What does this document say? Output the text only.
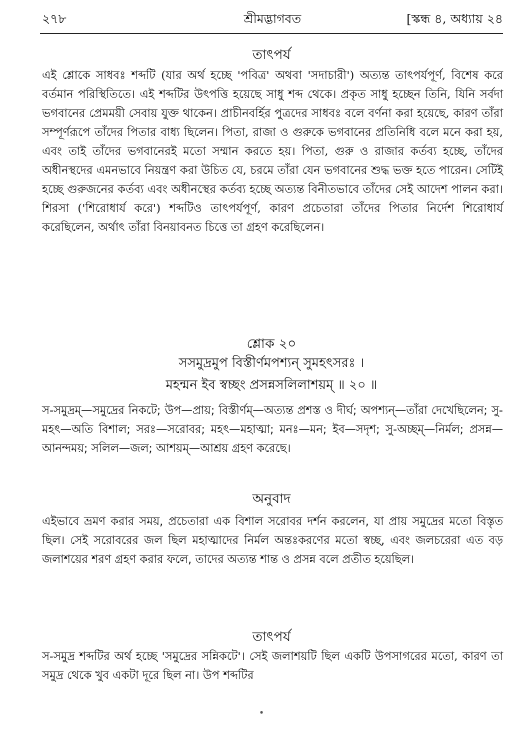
২৭৮	শ্রীমদ্ভাগবত	[স্কন্ধ ৪, অধ্যায় ২৪
তাৎপর্য

এই শ্লোকে সাধবঃ শব্দটি (যার অর্থ হচ্ছে 'পবিত্র' অথবা 'সদাচারী') অত্যন্ত তাৎপর্যপূর্ণ, বিশেষ করে বর্তমান পরিস্থিতিতে। এই শব্দটির উৎপত্তি হয়েছে সাধু শব্দ থেকে। প্রকৃত সাধু হচ্ছেন তিনি, যিনি সর্বদা ভগবানের প্রেমময়ী সেবায় যুক্ত থাকেন। প্রাচীনবর্হির পুত্রদের সাধবঃ বলে বর্ণনা করা হয়েছে, কারণ তাঁরা সম্পূর্ণরূপে তাঁদের পিতার বাধ্য ছিলেন। পিতা, রাজা ও গুরুকে ভগবানের প্রতিনিধি বলে মনে করা হয়, এবং তাই তাঁদের ভগবানেরই মতো সম্মান করতে হয়। পিতা, গুরু ও রাজার কর্তব্য হচ্ছে, তাঁদের অধীনস্থদের এমনভাবে নিয়ন্ত্রণ করা উচিত যে, চরমে তাঁরা যেন ভগবানের শুদ্ধ ভক্ত হতে পারেন। সেটিই হচ্ছে গুরুজনের কর্তব্য এবং অধীনস্থের কর্তব্য হচ্ছে অত্যন্ত বিনীতভাবে তাঁদের সেই আদেশ পালন করা। শিরসা ('শিরোধার্য করে') শব্দটিও তাৎপর্যপূর্ণ, কারণ প্রচেতারা তাঁদের পিতার নির্দেশ শিরোধার্য করেছিলেন, অর্থাৎ তাঁরা বিনয়াবনত চিত্তে তা গ্রহণ করেছিলেন।

শ্লোক ২০
সসমুদ্রমুপ বিস্তীর্ণমপশ্যন্ সুমহৎসরঃ ।
মহন্মন ইব স্বচ্ছং প্রসন্নসলিলাশয়ম্ ॥ ২০ ॥

স-সমুদ্রম্—সমুদ্রের নিকটে; উপ—প্রায়; বিস্তীর্ণম্—অত্যন্ত প্রশস্ত ও দীর্ঘ; অপশ্যন্—তাঁরা দেখেছিলেন; সু-মহৎ—অতি বিশাল; সরঃ—সরোবর; মহৎ—মহাত্মা; মনঃ—মন; ইব—সদৃশ; সু-অচ্ছম্—নির্মল; প্রসন্ন—আনন্দময়; সলিল—জল; আশয়ম্—আশ্রয় গ্রহণ করেছে।

অনুবাদ

এইভাবে ভ্রমণ করার সময়, প্রচেতারা এক বিশাল সরোবর দর্শন করলেন, যা প্রায় সমুদ্রের মতো বিস্তৃত ছিল। সেই সরোবরের জল ছিল মহাত্মাদের নির্মল অন্তঃকরণের মতো স্বচ্ছ, এবং জলচরেরা এত বড় জলাশয়ের শরণ গ্রহণ করার ফলে, তাদের অত্যন্ত শান্ত ও প্রসন্ন বলে প্রতীত হয়েছিল।

তাৎপর্য

স-সমুদ্র শব্দটির অর্থ হচ্ছে 'সমুদ্রের সন্নিকটে'। সেই জলাশয়টি ছিল একটি উপসাগরের মতো, কারণ তা সমুদ্র থেকে খুব একটা দূরে ছিল না। উপ শব্দটির

•
